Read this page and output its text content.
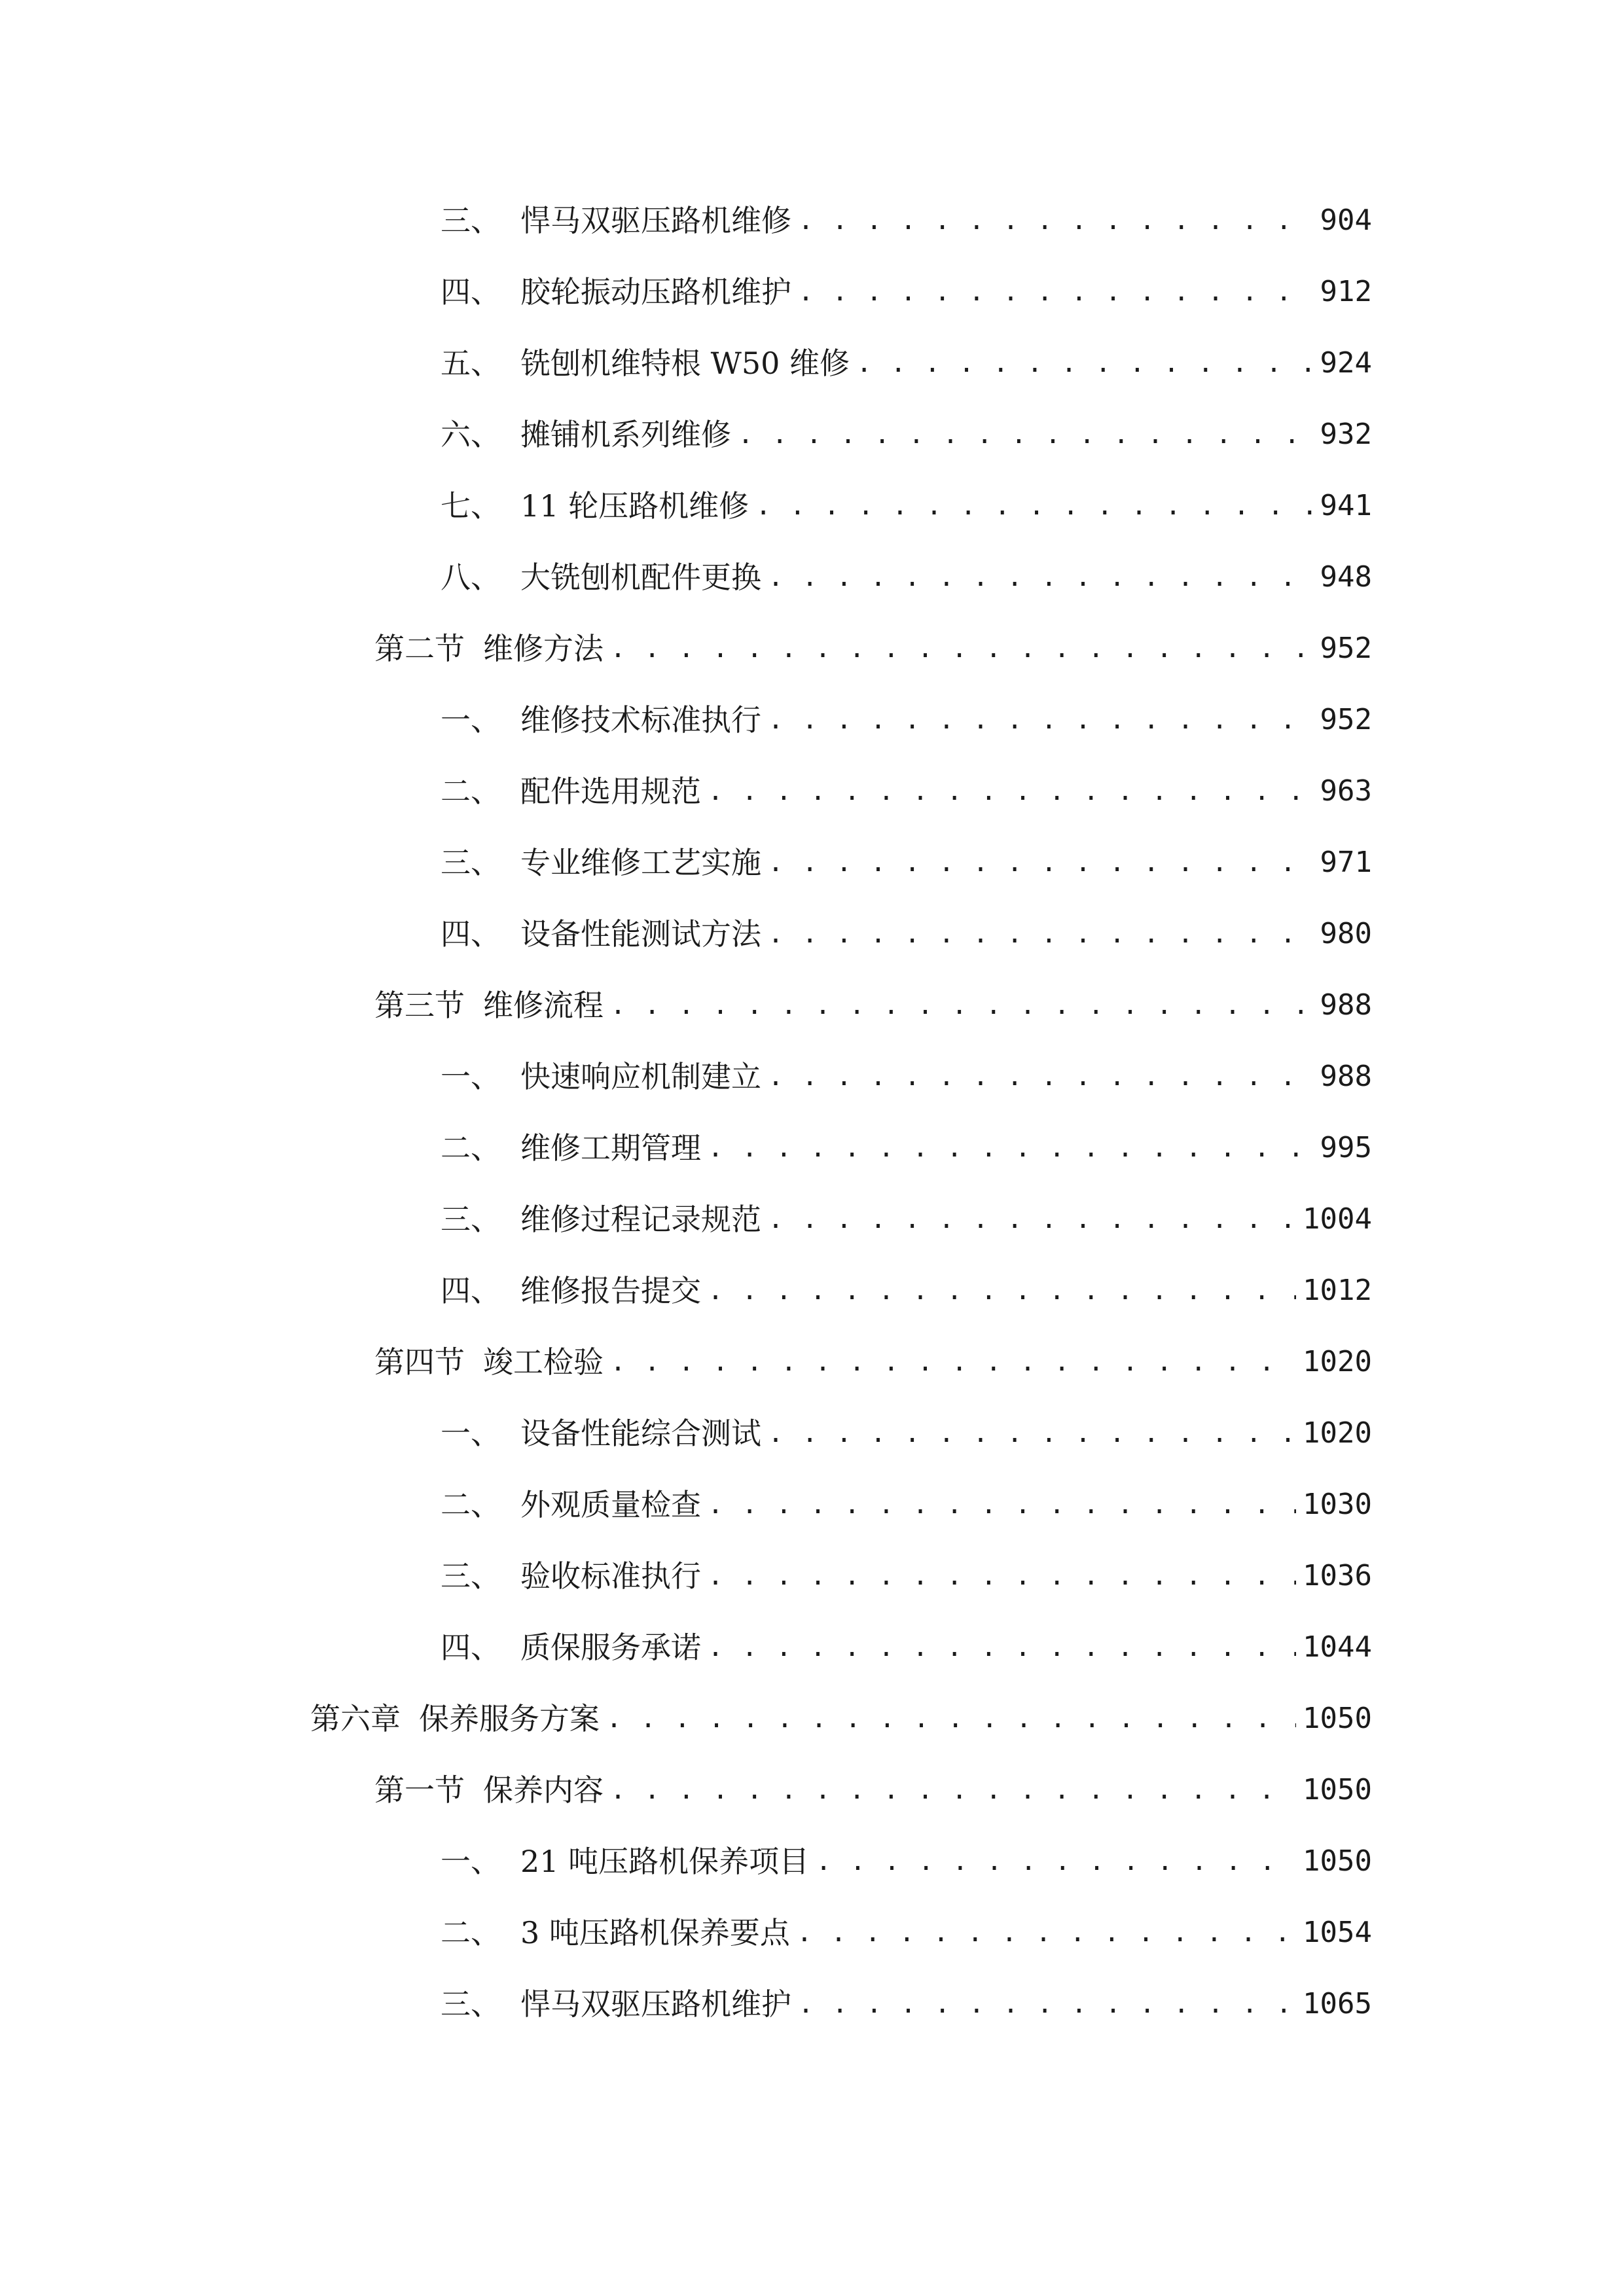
三、 悍马双驱压路机维修 . . .	904
四、 胶轮振动压路机维护 . . .	912
五、 铣刨机维特根 W50 维修 . . .	924
六、 摊铺机系列维修 . . .	932
七、 11 轮压路机维修 . . .	941
八、 大铣刨机配件更换 . . .	948
第二节 维修方法 . . .	952
一、 维修技术标准执行 . . .	952
二、 配件选用规范 . . .	963
三、 专业维修工艺实施 . . .	971
四、 设备性能测试方法 . . .	980
第三节 维修流程 . . .	988
一、 快速响应机制建立 . . .	988
二、 维修工期管理 . . .	995
三、 维修过程记录规范 . . .	1004
四、 维修报告提交 . . .	1012
第四节 竣工检验 . . .	1020
一、 设备性能综合测试 . . .	1020
二、 外观质量检查 . . .	1030
三、 验收标准执行 . . .	1036
四、 质保服务承诺 . . .	1044
第六章 保养服务方案 . . .	1050
第一节 保养内容 . . .	1050
一、 21 吨压路机保养项目 . . .	1050
二、 3 吨压路机保养要点 . . .	1054
三、 悍马双驱压路机维护 . . .	1065
